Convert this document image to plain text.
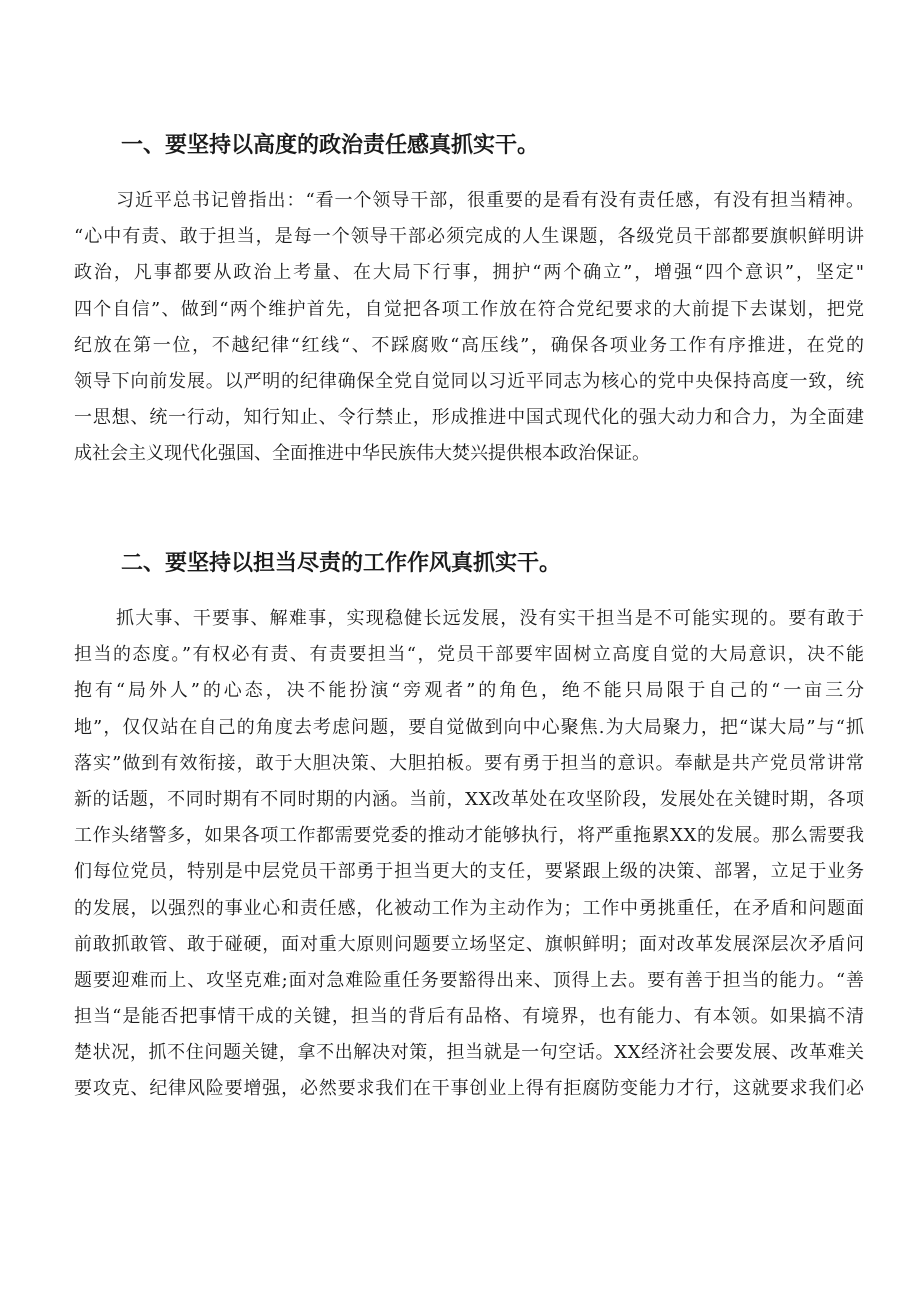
一、要坚持以高度的政治责任感真抓实干。
习近平总书记曾指出：“看一个领导干部，很重要的是看有没有责任感，有没有担当精神。
“心中有责、敢于担当，是每一个领导干部必须完成的人生课题，各级党员干部都要旗帜鲜明讲
政治，凡事都要从政治上考量、在大局下行事，拥护“两个确立”，增强“四个意识”，坚定"
四个自信”、做到“两个维护首先，自觉把各项工作放在符合党纪要求的大前提下去谋划，把党
纪放在第一位，不越纪律“红线“、不踩腐败“高压线”，确保各项业务工作有序推进，在党的
领导下向前发展。以严明的纪律确保全党自觉同以习近平同志为核心的党中央保持高度一致，统
一思想、统一行动，知行知止、令行禁止，形成推进中国式现代化的强大动力和合力，为全面建
成社会主义现代化强国、全面推进中华民族伟大焚兴提供根本政治保证。
二、要坚持以担当尽责的工作作风真抓实干。
抓大事、干要事、解难事，实现稳健长远发展，没有实干担当是不可能实现的。要有敢于
担当的态度。”有权必有责、有责要担当“，党员干部要牢固树立高度自觉的大局意识，决不能
抱有“局外人”的心态，决不能扮演“旁观者”的角色，绝不能只局限于自己的“一亩三分
地”，仅仅站在自己的角度去考虑问题，要自觉做到向中心聚焦.为大局聚力，把“谋大局”与“抓
落实”做到有效衔接，敢于大胆决策、大胆拍板。要有勇于担当的意识。奉献是共产党员常讲常
新的话题，不同时期有不同时期的内涵。当前，XX改革处在攻坚阶段，发展处在关键时期，各项
工作头绪警多，如果各项工作都需要党委的推动才能够执行，将严重拖累XX的发展。那么需要我
们每位党员，特别是中层党员干部勇于担当更大的支任，要紧跟上级的决策、部署，立足于业务
的发展，以强烈的事业心和责任感，化被动工作为主动作为；工作中勇挑重任，在矛盾和问题面
前敢抓敢管、敢于碰硬，面对重大原则问题要立场坚定、旗帜鲜明；面对改革发展深层次矛盾问
题要迎难而上、攻坚克难;面对急难险重任务要豁得出来、顶得上去。要有善于担当的能力。“善
担当“是能否把事情干成的关键，担当的背后有品格、有境界，也有能力、有本领。如果搞不清
楚状况，抓不住问题关键，拿不出解决对策，担当就是一句空话。XX经济社会要发展、改革难关
要攻克、纪律风险要增强，必然要求我们在干事创业上得有拒腐防变能力才行，这就要求我们必
